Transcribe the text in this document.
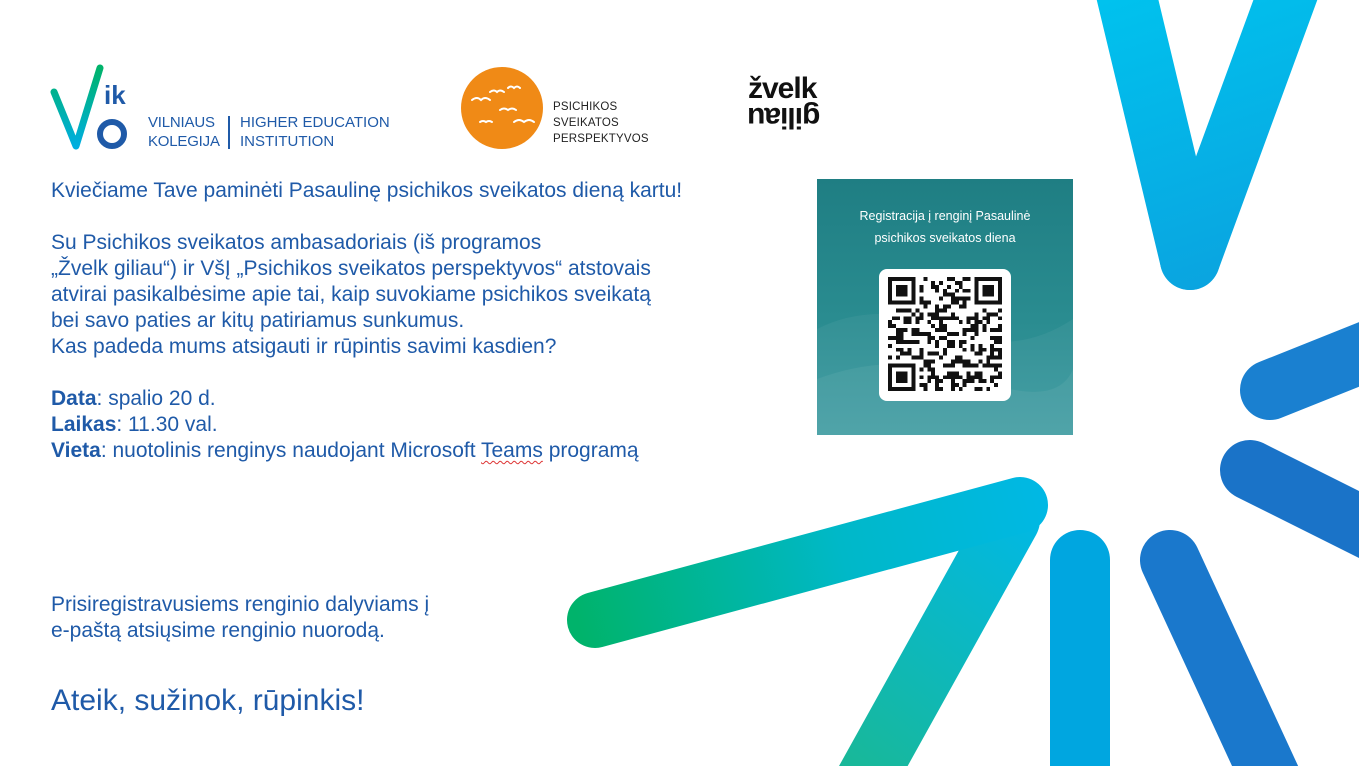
ik
VILNIAUS
KOLEGIJA
HIGHER EDUCATION
INSTITUTION
PSICHIKOS
SVEIKATOS
PERSPEKTYVOS
žvelk
giliau
Registracija į renginį Pasaulinė
psichikos sveikatos diena

Kviečiame Tave paminėti Pasaulinę psichikos sveikatos dieną kartu!

Su Psichikos sveikatos ambasadoriais (iš programos

„Žvelk giliau“) ir VšĮ „Psichikos sveikatos perspektyvos“ atstovais

atvirai pasikalbėsime apie tai, kaip suvokiame psichikos sveikatą

bei savo paties ar kitų patiriamus sunkumus.

Kas padeda mums atsigauti ir rūpintis savimi kasdien?

Data: spalio 20 d.

Laikas: 11.30 val.

Vieta: nuotolinis renginys naudojant Microsoft Teams programą

Prisiregistravusiems renginio dalyviams į

e-paštą atsiųsime renginio nuorodą.

Ateik, sužinok, rūpinkis!
